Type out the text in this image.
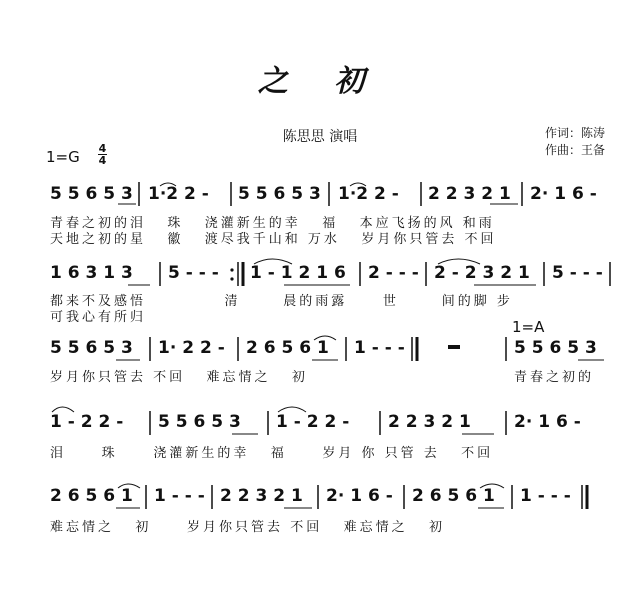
之 初
陈思思 演唱	作词：陈涛
作曲：王备
1=G 4
4
1=A
5 5 6 5 3 1·2 2 - 5 5 6 5 3 1·2 2 - 2 2 3 2 1 2· 1 6 -
1 6 3 1 3 5 - - - 1 - 1 2 1 6 2 - - - 2 - 2 3 2 1 5 - - -
5 5 6 5 3 1· 2 2 - 2 6 5 6 1 1 - - -	5 5 6 5 3
1 - 2 2 - 5 5 6 5 3 1 - 2 2 - 2 2 3 2 1	2· 1 6 -
2 6 5 6 1 1 - - - 2 2 3 2 1 2· 1 6 - 2 6 5 6 1 1 - - -
青春之初的泪   珠   浇灌新生的幸   福   本应飞扬的风 和雨
天地之初的星   徽   渡尽我千山和 万水   岁月你只管去 不回
都来不及感悟           清      晨的雨露     世      间的脚 步
可我心有所归
岁月你只管去 不回   难忘情之   初	青春之初的
泪     珠     浇灌新生的幸   福     岁月 你 只管 去   不回
难忘情之   初     岁月你只管去 不回   难忘情之   初
